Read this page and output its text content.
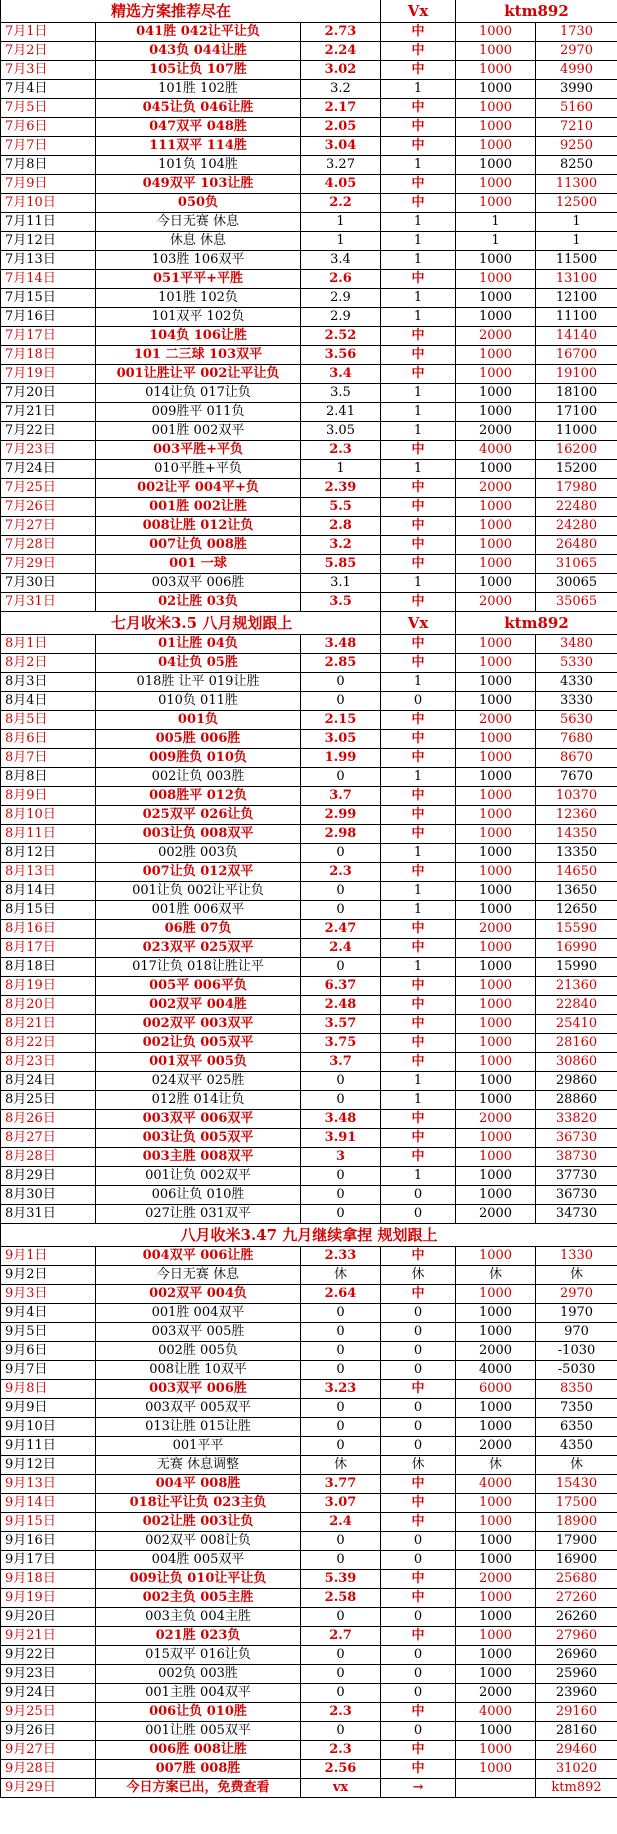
精选方案推荐尽在			Vx	ktm892	
7月1日	041胜 042让平让负	2.73	中	1000	1730
7月2日	043负 044让胜	2.24	中	1000	2970
7月3日	105让负 107胜	3.02	中	1000	4990
7月4日	101胜 102胜	3.2	1	1000	3990
7月5日	045让负 046让胜	2.17	中	1000	5160
7月6日	047双平 048胜	2.05	中	1000	7210
7月7日	111双平 114胜	3.04	中	1000	9250
7月8日	101负 104胜	3.27	1	1000	8250
7月9日	049双平 103让胜	4.05	中	1000	11300
7月10日	050负	2.2	中	1000	12500
7月11日	今日无赛 休息	1	1	1	1
7月12日	休息 休息	1	1	1	1
7月13日	103胜 106双平	3.4	1	1000	11500
7月14日	051平平+平胜	2.6	中	1000	13100
7月15日	101胜 102负	2.9	1	1000	12100
7月16日	101双平 102负	2.9	1	1000	11100
7月17日	104负 106让胜	2.52	中	2000	14140
7月18日	101 二三球 103双平	3.56	中	1000	16700
7月19日	001让胜让平 002让平让负	3.4	中	1000	19100
7月20日	014让负 017让负	3.5	1	1000	18100
7月21日	009胜平 011负	2.41	1	1000	17100
7月22日	001胜 002双平	3.05	1	2000	11000
7月23日	003平胜+平负	2.3	中	4000	16200
7月24日	010平胜+平负	1	1	1000	15200
7月25日	002让平 004平+负	2.39	中	2000	17980
7月26日	001胜 002让胜	5.5	中	1000	22480
7月27日	008让胜 012让负	2.8	中	1000	24280
7月28日	007让负 008胜	3.2	中	1000	26480
7月29日	001 一球	5.85	中	1000	31065
7月30日	003双平 006胜	3.1	1	1000	30065
7月31日	02让胜 03负	3.5	中	2000	35065
七月收米3.5 八月规划跟上			Vx	ktm892	
8月1日	01让胜 04负	3.48	中	1000	3480
8月2日	04让负 05胜	2.85	中	1000	5330
8月3日	018胜 让平 019让胜	0	1	1000	4330
8月4日	010负 011胜	0	0	1000	3330
8月5日	001负	2.15	中	2000	5630
8月6日	005胜 006胜	3.05	中	1000	7680
8月7日	009胜负 010负	1.99	中	1000	8670
8月8日	002让负 003胜	0	1	1000	7670
8月9日	008胜平 012负	3.7	中	1000	10370
8月10日	025双平 026让负	2.99	中	1000	12360
8月11日	003让负 008双平	2.98	中	1000	14350
8月12日	002胜 003负	0	1	1000	13350
8月13日	007让负 012双平	2.3	中	1000	14650
8月14日	001让负 002让平让负	0	1	1000	13650
8月15日	001胜 006双平	0	1	1000	12650
8月16日	06胜 07负	2.47	中	2000	15590
8月17日	023双平 025双平	2.4	中	1000	16990
8月18日	017让负 018让胜让平	0	1	1000	15990
8月19日	005平 006平负	6.37	中	1000	21360
8月20日	002双平 004胜	2.48	中	1000	22840
8月21日	002双平 003双平	3.57	中	1000	25410
8月22日	002让负 005双平	3.75	中	1000	28160
8月23日	001双平 005负	3.7	中	1000	30860
8月24日	024双平 025胜	0	1	1000	29860
8月25日	012胜 014让负	0	1	1000	28860
8月26日	003双平 006双平	3.48	中	2000	33820
8月27日	003让负 005双平	3.91	中	1000	36730
8月28日	003主胜 008双平	3	中	1000	38730
8月29日	001让负 002双平	0	1	1000	37730
8月30日	006让负 010胜	0	0	1000	36730
8月31日	027让胜 031双平	0	0	2000	34730
八月收米3.47 九月继续拿捏 规划跟上					
9月1日	004双平 006让胜	2.33	中	1000	1330
9月2日	今日无赛 休息	休	休	休	休
9月3日	002双平 004负	2.64	中	1000	2970
9月4日	001胜 004双平	0	0	1000	1970
9月5日	003双平 005胜	0	0	1000	970
9月6日	002胜 005负	0	0	2000	-1030
9月7日	008让胜 10双平	0	0	4000	-5030
9月8日	003双平 006胜	3.23	中	6000	8350
9月9日	003双平 005双平	0	0	1000	7350
9月10日	013让胜 015让胜	0	0	1000	6350
9月11日	001平平	0	0	2000	4350
9月12日	无赛 休息调整	休	休	休	休
9月13日	004平 008胜	3.77	中	4000	15430
9月14日	018让平让负 023主负	3.07	中	1000	17500
9月15日	002让胜 003让负	2.4	中	1000	18900
9月16日	002双平 008让负	0	0	1000	17900
9月17日	004胜 005双平	0	0	1000	16900
9月18日	009让负 010让平让负	5.39	中	2000	25680
9月19日	002主负 005主胜	2.58	中	1000	27260
9月20日	003主负 004主胜	0	0	1000	26260
9月21日	021胜 023负	2.7	中	1000	27960
9月22日	015双平 016让负	0	0	1000	26960
9月23日	002负 003胜	0	0	1000	25960
9月24日	001主胜 004双平	0	0	2000	23960
9月25日	006让负 010胜	2.3	中	4000	29160
9月26日	001让胜 005双平	0	0	1000	28160
9月27日	006胜 008让胜	2.3	中	1000	29460
9月28日	007胜 008胜	2.56	中	1000	31020
9月29日	今日方案已出，免费查看	vx	→		ktm892
